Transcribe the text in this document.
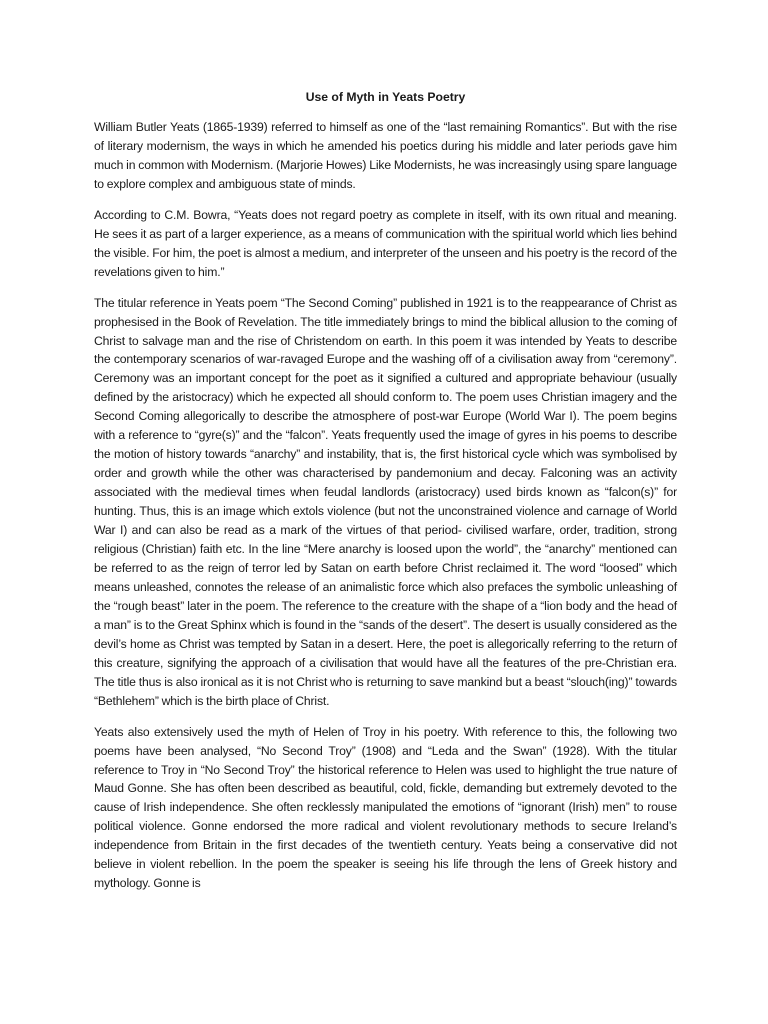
Use of Myth in Yeats Poetry

William Butler Yeats (1865-1939) referred to himself as one of the “last remaining Romantics”. But with the rise of literary modernism, the ways in which he amended his poetics during his middle and later periods gave him much in common with Modernism. (Marjorie Howes) Like Modernists, he was increasingly using spare language to explore complex and ambiguous state of minds.

According to C.M. Bowra, “Yeats does not regard poetry as complete in itself, with its own ritual and meaning. He sees it as part of a larger experience, as a means of communication with the spiritual world which lies behind the visible. For him, the poet is almost a medium, and interpreter of the unseen and his poetry is the record of the revelations given to him.”

The titular reference in Yeats poem “The Second Coming” published in 1921 is to the reappearance of Christ as prophesised in the Book of Revelation. The title immediately brings to mind the biblical allusion to the coming of Christ to salvage man and the rise of Christendom on earth. In this poem it was intended by Yeats to describe the contemporary scenarios of war-ravaged Europe and the washing off of a civilisation away from “ceremony”. Ceremony was an important concept for the poet as it signified a cultured and appropriate behaviour (usually defined by the aristocracy) which he expected all should conform to. The poem uses Christian imagery and the Second Coming allegorically to describe the atmosphere of post-war Europe (World War I). The poem begins with a reference to “gyre(s)” and the “falcon”. Yeats frequently used the image of gyres in his poems to describe the motion of history towards “anarchy” and instability, that is, the first historical cycle which was symbolised by order and growth while the other was characterised by pandemonium and decay. Falconing was an activity associated with the medieval times when feudal landlords (aristocracy) used birds known as “falcon(s)” for hunting. Thus, this is an image which extols violence (but not the unconstrained violence and carnage of World War I) and can also be read as a mark of the virtues of that period- civilised warfare, order, tradition, strong religious (Christian) faith etc. In the line “Mere anarchy is loosed upon the world”, the “anarchy” mentioned can be referred to as the reign of terror led by Satan on earth before Christ reclaimed it. The word “loosed” which means unleashed, connotes the release of an animalistic force which also prefaces the symbolic unleashing of the “rough beast” later in the poem. The reference to the creature with the shape of a “lion body and the head of a man” is to the Great Sphinx which is found in the “sands of the desert”. The desert is usually considered as the devil’s home as Christ was tempted by Satan in a desert. Here, the poet is allegorically referring to the return of this creature, signifying the approach of a civilisation that would have all the features of the pre-Christian era. The title thus is also ironical as it is not Christ who is returning to save mankind but a beast “slouch(ing)” towards “Bethlehem” which is the birth place of Christ.

Yeats also extensively used the myth of Helen of Troy in his poetry. With reference to this, the following two poems have been analysed, “No Second Troy” (1908) and “Leda and the Swan” (1928). With the titular reference to Troy in “No Second Troy” the historical reference to Helen was used to highlight the true nature of Maud Gonne. She has often been described as beautiful, cold, fickle, demanding but extremely devoted to the cause of Irish independence. She often recklessly manipulated the emotions of “ignorant (Irish) men” to rouse political violence. Gonne endorsed the more radical and violent revolutionary methods to secure Ireland’s independence from Britain in the first decades of the twentieth century. Yeats being a conservative did not believe in violent rebellion. In the poem the speaker is seeing his life through the lens of Greek history and mythology. Gonne is
